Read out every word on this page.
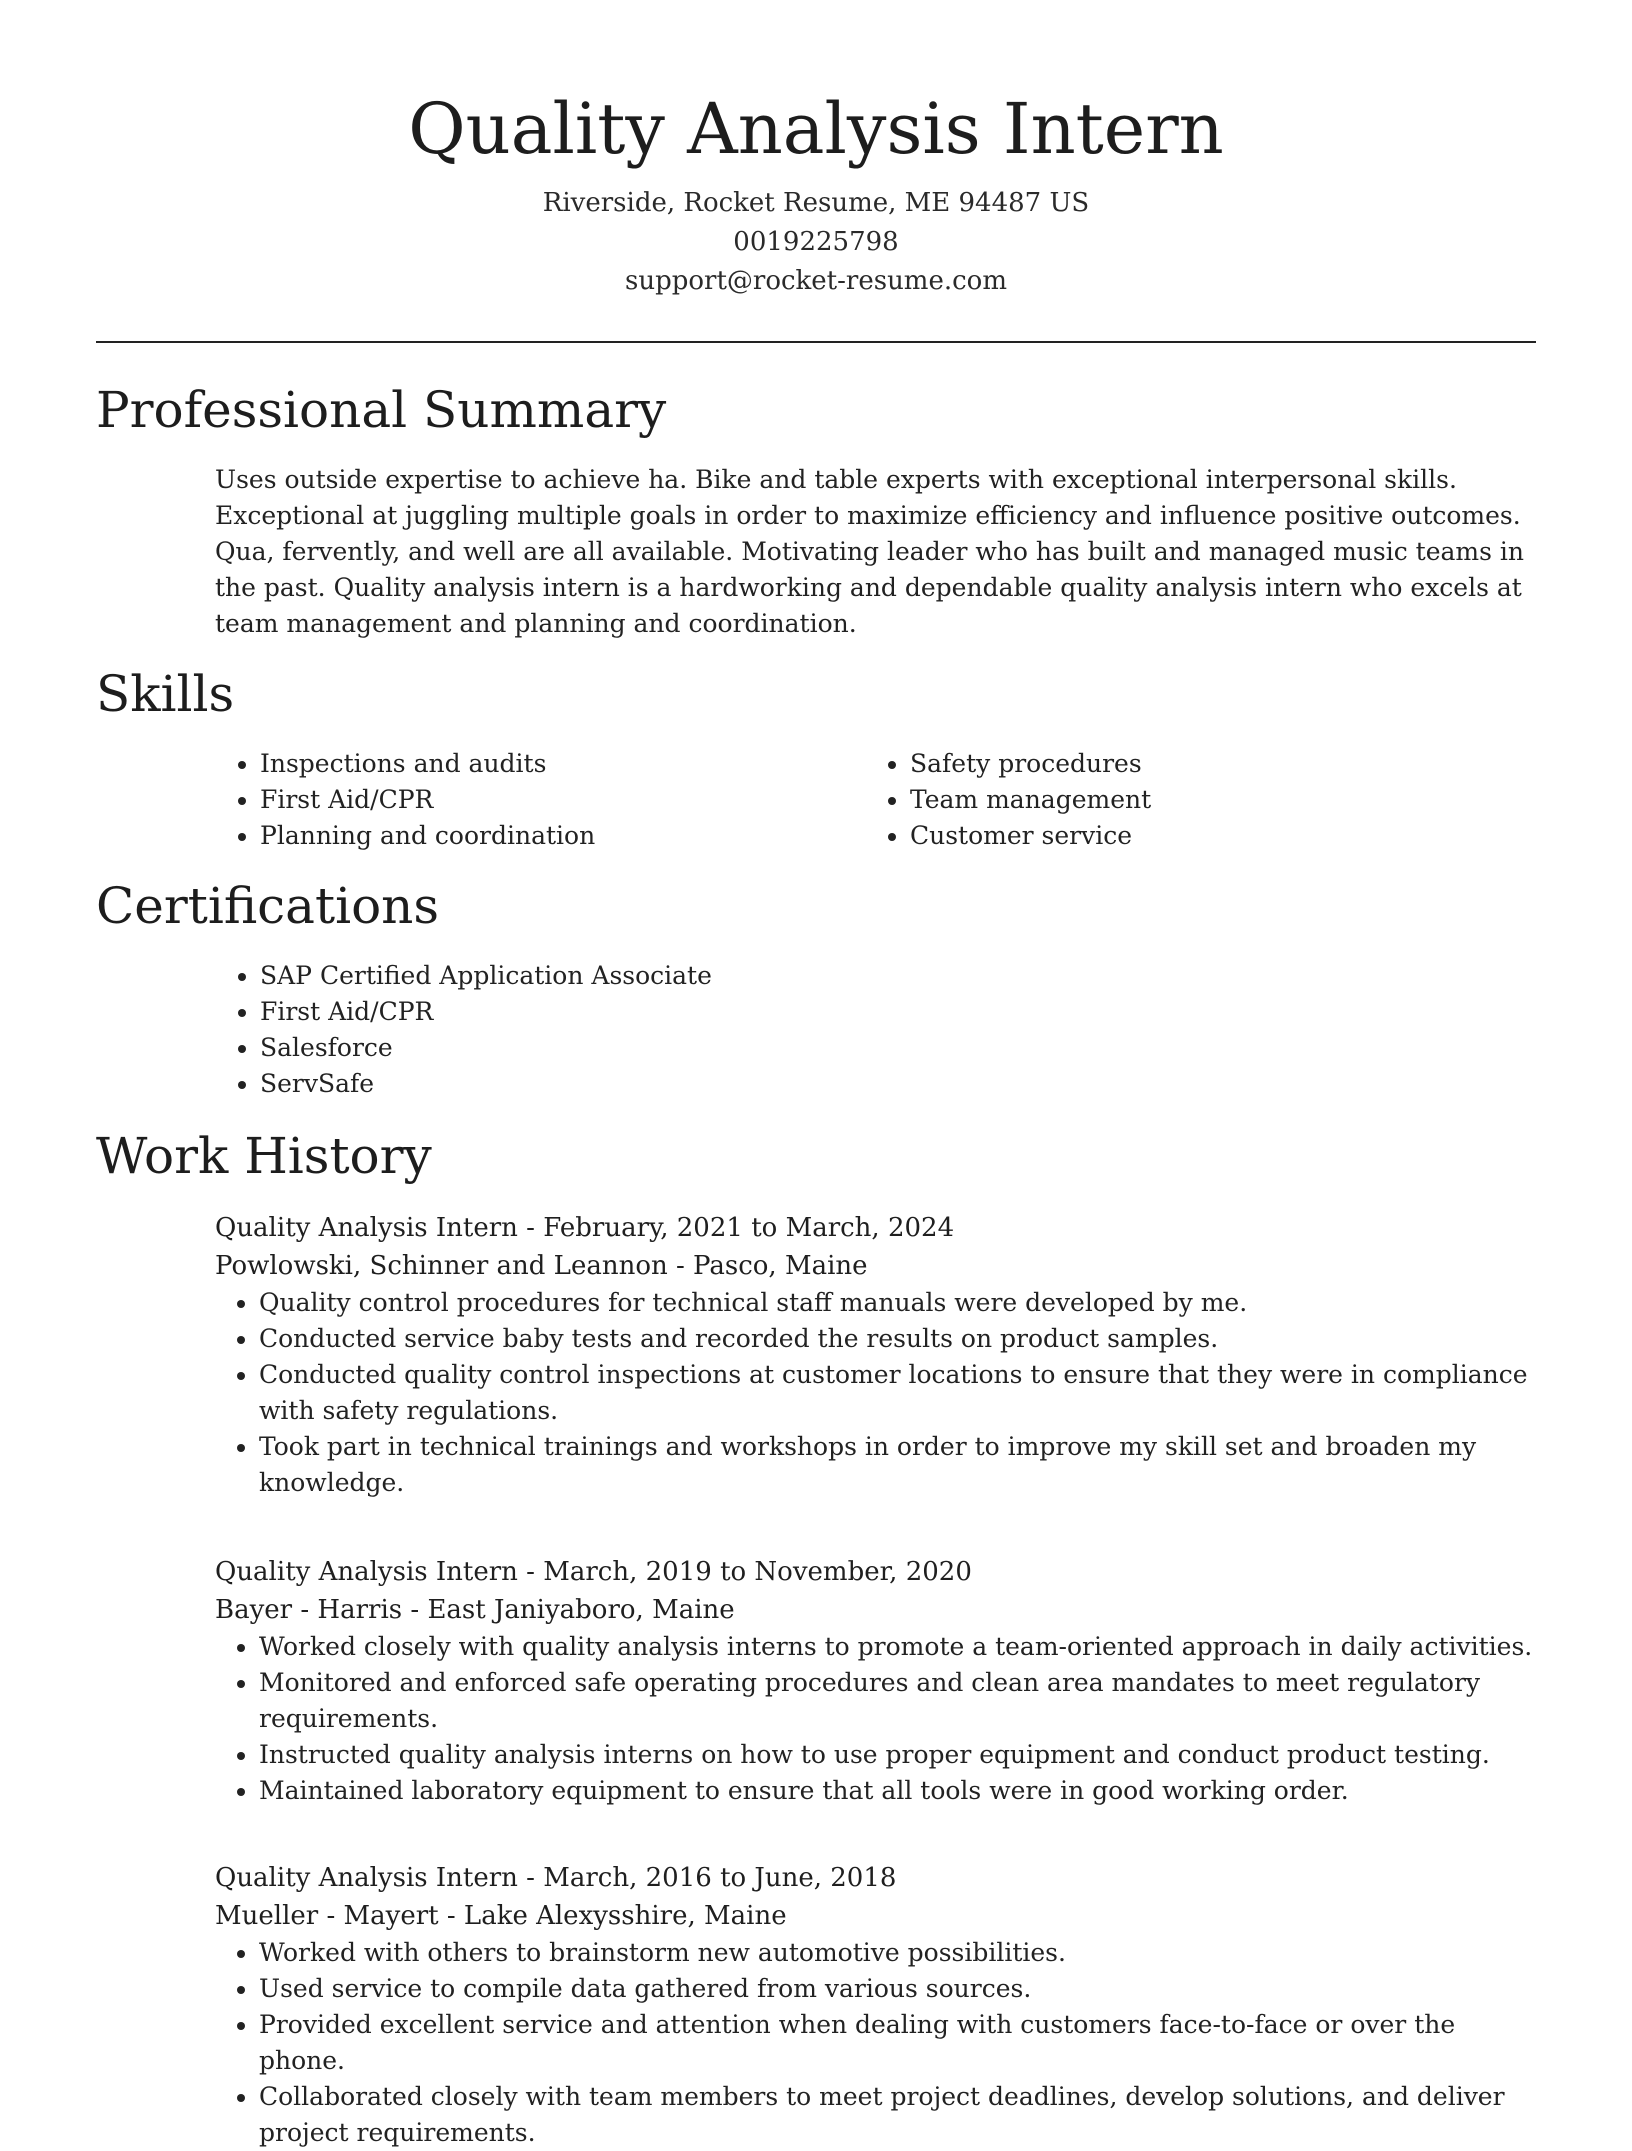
Quality Analysis Intern
Riverside, Rocket Resume, ME 94487 US
0019225798
support@rocket-resume.com
Professional Summary

Uses outside expertise to achieve ha. Bike and table experts with exceptional interpersonal skills. Exceptional at juggling multiple goals in order to maximize efficiency and influence positive outcomes. Qua, fervently, and well are all available. Motivating leader who has built and managed music teams in the past. Quality analysis intern is a hardworking and dependable quality analysis intern who excels at team management and planning and coordination.

Skills
• Inspections and audits
• First Aid/CPR
• Planning and coordination
• Safety procedures
• Team management
• Customer service
Certifications
• SAP Certified Application Associate
• First Aid/CPR
• Salesforce
• ServSafe
Work History
Quality Analysis Intern - February, 2021 to March, 2024
Powlowski, Schinner and Leannon - Pasco, Maine
• Quality control procedures for technical staff manuals were developed by me.
• Conducted service baby tests and recorded the results on product samples.
• Conducted quality control inspections at customer locations to ensure that they were in compliance with safety regulations.
• Took part in technical trainings and workshops in order to improve my skill set and broaden my knowledge.
Quality Analysis Intern - March, 2019 to November, 2020
Bayer - Harris - East Janiyaboro, Maine
• Worked closely with quality analysis interns to promote a team-oriented approach in daily activities.
• Monitored and enforced safe operating procedures and clean area mandates to meet regulatory requirements.
• Instructed quality analysis interns on how to use proper equipment and conduct product testing.
• Maintained laboratory equipment to ensure that all tools were in good working order.
Quality Analysis Intern - March, 2016 to June, 2018
Mueller - Mayert - Lake Alexysshire, Maine
• Worked with others to brainstorm new automotive possibilities.
• Used service to compile data gathered from various sources.
• Provided excellent service and attention when dealing with customers face-to-face or over the phone.
• Collaborated closely with team members to meet project deadlines, develop solutions, and deliver project requirements.
